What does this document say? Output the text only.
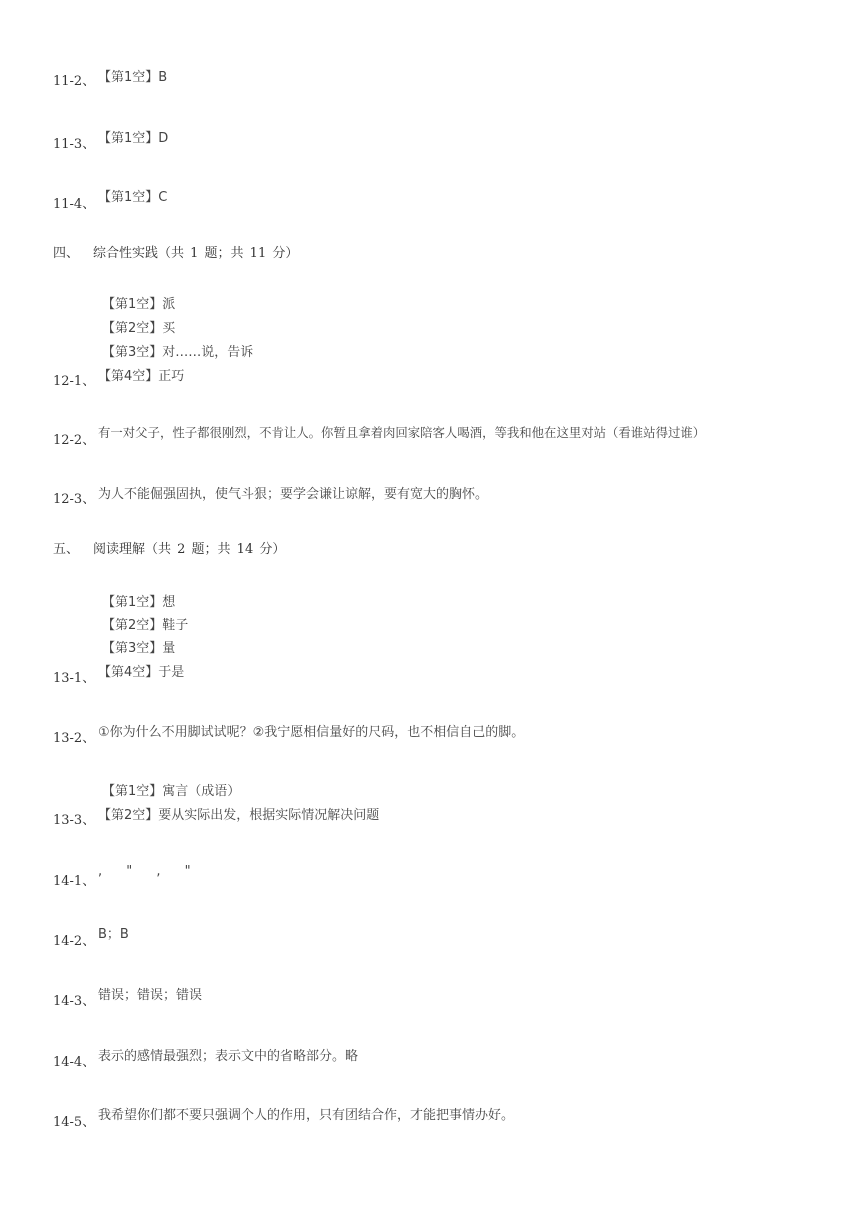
11-2、 【第1空】B
11-3、 【第1空】D
11-4、 【第1空】C
四、 综合性实践（共 1 题；共 11 分）
【第1空】派
【第2空】买
【第3空】对……说，告诉
12-1、 【第4空】正巧
12-2、
有一对父子，性子都很刚烈，不肯让人。你暂且拿着肉回家陪客人喝酒，等我和他在这里对站（看谁站得过谁）
12-3、 为人不能倔强固执，使气斗狠；要学会谦让谅解，要有宽大的胸怀。
五、 阅读理解（共 2 题；共 14 分）
【第1空】想
【第2空】鞋子
【第3空】量
13-1、 【第4空】于是
13-2、 ①你为什么不用脚试试呢？②我宁愿相信量好的尺码，也不相信自己的脚。
【第1空】寓言（成语）
13-3、 【第2空】要从实际出发，根据实际情况解决问题
14-1、
, " , "
14-2、 B；B
14-3、 错误；错误；错误
14-4、 表示的感情最强烈；表示文中的省略部分。略
14-5、 我希望你们都不要只强调个人的作用，只有团结合作，才能把事情办好。
